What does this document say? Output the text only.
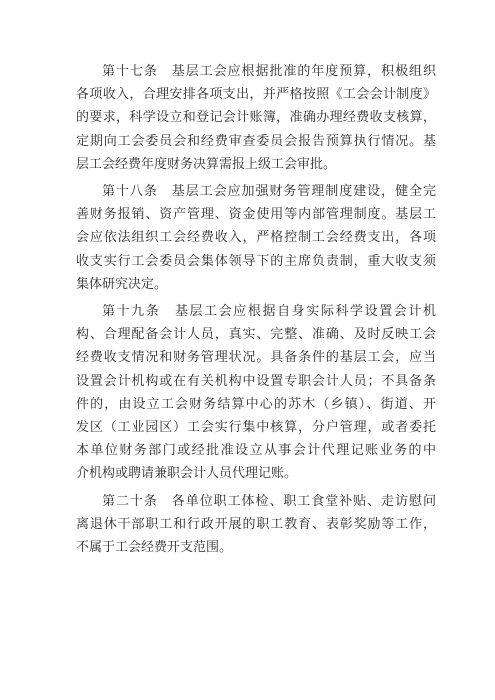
第十七条　基层工会应根据批准的年度预算，积极组织
各项收入，合理安排各项支出，并严格按照《工会会计制度》
的要求，科学设立和登记会计账簿，准确办理经费收支核算，
定期向工会委员会和经费审查委员会报告预算执行情况。基
层工会经费年度财务决算需报上级工会审批。
第十八条　基层工会应加强财务管理制度建设，健全完
善财务报销、资产管理、资金使用等内部管理制度。基层工
会应依法组织工会经费收入，严格控制工会经费支出，各项
收支实行工会委员会集体领导下的主席负责制，重大收支须
集体研究决定。
第十九条　基层工会应根据自身实际科学设置会计机
构、合理配备会计人员，真实、完整、准确、及时反映工会
经费收支情况和财务管理状况。具备条件的基层工会，应当
设置会计机构或在有关机构中设置专职会计人员；不具备条
件的，由设立工会财务结算中心的苏木（乡镇）、街道、开
发区（工业园区）工会实行集中核算，分户管理，或者委托
本单位财务部门或经批准设立从事会计代理记账业务的中
介机构或聘请兼职会计人员代理记账。
第二十条　各单位职工体检、职工食堂补贴、走访慰问
离退休干部职工和行政开展的职工教育、表彰奖励等工作，
不属于工会经费开支范围。
